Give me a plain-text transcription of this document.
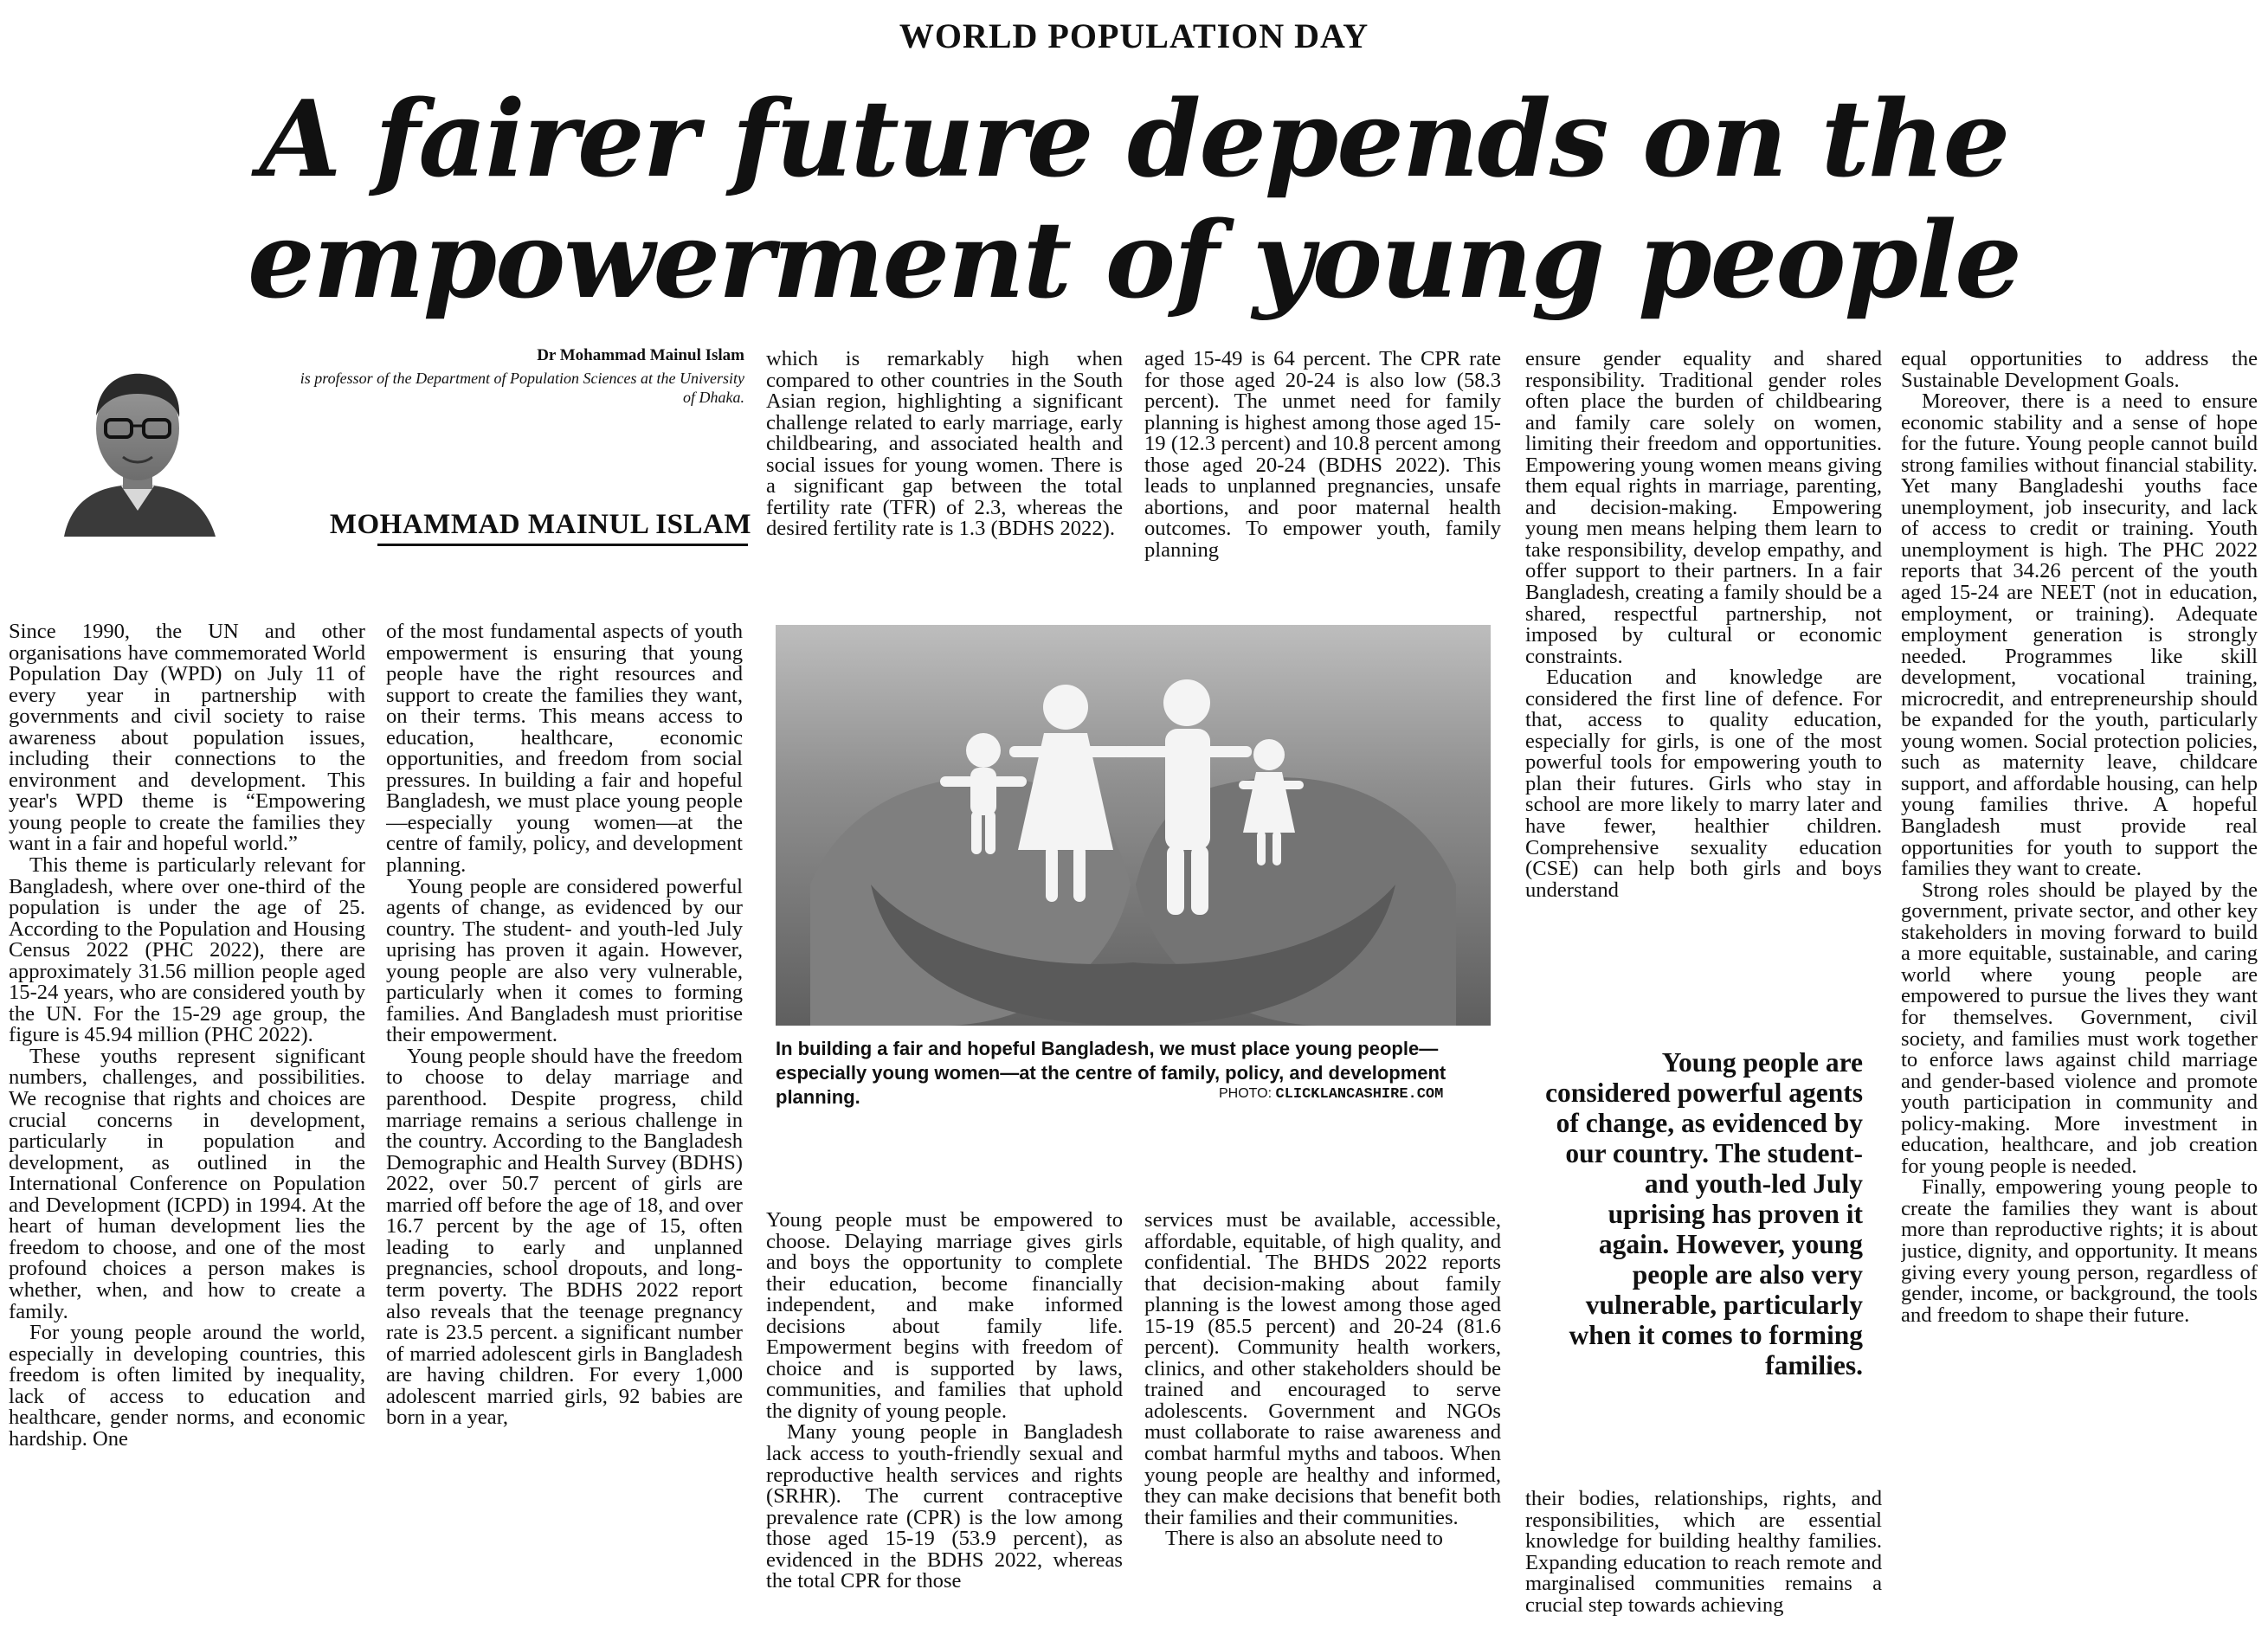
WORLD POPULATION DAY
A fairer future depends on the
empowerment of young people
Dr Mohammad Mainul Islam
is professor of the Department of Population Sciences at the University of Dhaka.
MOHAMMAD MAINUL ISLAM

Since 1990, the UN and other organisations have commemorated World Population Day (WPD) on July 11 of every year in partnership with governments and civil society to raise awareness about population issues, including their connections to the environment and development. This year's WPD theme is “Empowering young people to create the families they want in a fair and hopeful world.”

This theme is particularly relevant for Bangladesh, where over one-third of the population is under the age of 25. According to the Population and Housing Census 2022 (PHC 2022), there are approximately 31.56 million people aged 15-24 years, who are considered youth by the UN. For the 15-29 age group, the figure is 45.94 million (PHC 2022).

These youths represent significant numbers, challenges, and possibilities. We recognise that rights and choices are crucial concerns in development, particularly in population and development, as outlined in the International Conference on Population and Development (ICPD) in 1994. At the heart of human development lies the freedom to choose, and one of the most profound choices a person makes is whether, when, and how to create a family.

For young people around the world, especially in developing countries, this freedom is often limited by inequality, lack of access to education and healthcare, gender norms, and economic hardship. One

of the most fundamental aspects of youth empowerment is ensuring that young people have the right resources and support to create the families they want, on their terms. This means access to education, healthcare, economic opportunities, and freedom from social pressures. In building a fair and hopeful Bangladesh, we must place young people—especially young women—at the centre of family, policy, and development planning.

Young people are considered powerful agents of change, as evidenced by our country. The student- and youth-led July uprising has proven it again. However, young people are also very vulnerable, particularly when it comes to forming families. And Bangladesh must prioritise their empowerment.

Young people should have the freedom to choose to delay marriage and parenthood. Despite progress, child marriage remains a serious challenge in the country. According to the Bangladesh Demographic and Health Survey (BDHS) 2022, over 50.7 percent of girls are married off before the age of 18, and over 16.7 percent by the age of 15, often leading to early and unplanned pregnancies, school dropouts, and long-term poverty. The BDHS 2022 report also reveals that the teenage pregnancy rate is 23.5 percent. a significant number of married adolescent girls in Bangladesh are having children. For every 1,000 adolescent married girls, 92 babies are born in a year,

which is remarkably high when compared to other countries in the South Asian region, highlighting a significant challenge related to early marriage, early childbearing, and associated health and social issues for young women. There is a significant gap between the total fertility rate (TFR) of 2.3, whereas the desired fertility rate is 1.3 (BDHS 2022).

aged 15-49 is 64 percent. The CPR rate for those aged 20-24 is also low (58.3 percent). The unmet need for family planning is highest among those aged 15-19 (12.3 percent) and 10.8 percent among those aged 20-24 (BDHS 2022). This leads to unplanned pregnancies, unsafe abortions, and poor maternal health outcomes. To empower youth, family planning

In building a fair and hopeful Bangladesh, we must place young people—especially young women—at the centre of family, policy, and development planning.	PHOTO: CLICKLANCASHIRE.COM

Young people must be empowered to choose. Delaying marriage gives girls and boys the opportunity to complete their education, become financially independent, and make informed decisions about family life. Empowerment begins with freedom of choice and is supported by laws, communities, and families that uphold the dignity of young people.

Many young people in Bangladesh lack access to youth-friendly sexual and reproductive health services and rights (SRHR). The current contraceptive prevalence rate (CPR) is the low among those aged 15-19 (53.9 percent), as evidenced in the BDHS 2022, whereas the total CPR for those

services must be available, accessible, affordable, equitable, of high quality, and confidential. The BHDS 2022 reports that decision-making about family planning is the lowest among those aged 15-19 (85.5 percent) and 20-24 (81.6 percent). Community health workers, clinics, and other stakeholders should be trained and encouraged to serve adolescents. Government and NGOs must collaborate to raise awareness and combat harmful myths and taboos. When young people are healthy and informed, they can make decisions that benefit both their families and their communities.

There is also an absolute need to

ensure gender equality and shared responsibility. Traditional gender roles often place the burden of childbearing and family care solely on women, limiting their freedom and opportunities. Empowering young women means giving them equal rights in marriage, parenting, and decision-making. Empowering young men means helping them learn to take responsibility, develop empathy, and offer support to their partners. In a fair Bangladesh, creating a family should be a shared, respectful partnership, not imposed by cultural or economic constraints.

Education and knowledge are considered the first line of defence. For that, access to quality education, especially for girls, is one of the most powerful tools for empowering youth to plan their futures. Girls who stay in school are more likely to marry later and have fewer, healthier children. Comprehensive sexuality education (CSE) can help both girls and boys understand

Young people are considered powerful agents of change, as evidenced by our country. The student- and youth-led July uprising has proven it again. However, young people are also very vulnerable, particularly when it comes to forming families.

their bodies, relationships, rights, and responsibilities, which are essential knowledge for building healthy families. Expanding education to reach remote and marginalised communities remains a crucial step towards achieving

equal opportunities to address the Sustainable Development Goals.

Moreover, there is a need to ensure economic stability and a sense of hope for the future. Young people cannot build strong families without financial stability. Yet many Bangladeshi youths face unemployment, job insecurity, and lack of access to credit or training. Youth unemployment is high. The PHC 2022 reports that 34.26 percent of the youth aged 15-24 are NEET (not in education, employment, or training). Adequate employment generation is strongly needed. Programmes like skill development, vocational training, microcredit, and entrepreneurship should be expanded for the youth, particularly young women. Social protection policies, such as maternity leave, childcare support, and affordable housing, can help young families thrive. A hopeful Bangladesh must provide real opportunities for youth to support the families they want to create.

Strong roles should be played by the government, private sector, and other key stakeholders in moving forward to build a more equitable, sustainable, and caring world where young people are empowered to pursue the lives they want for themselves. Government, civil society, and families must work together to enforce laws against child marriage and gender-based violence and promote youth participation in community and policy-making. More investment in education, healthcare, and job creation for young people is needed.

Finally, empowering young people to create the families they want is about more than reproductive rights; it is about justice, dignity, and opportunity. It means giving every young person, regardless of gender, income, or background, the tools and freedom to shape their future.
